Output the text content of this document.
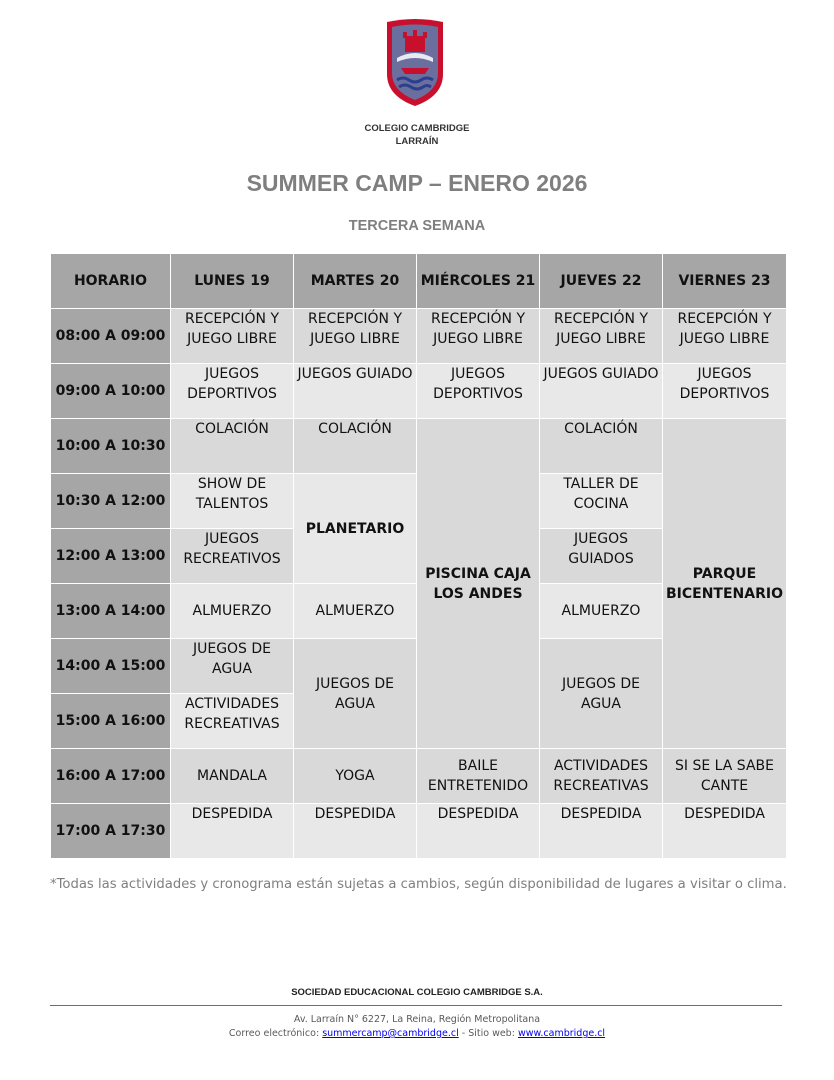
COLEGIO CAMBRIDGE
LARRAÍN
SUMMER CAMP – ENERO 2026
TERCERA SEMANA
HORARIO	LUNES 19	MARTES 20	MIÉRCOLES 21	JUEVES 22	VIERNES 23
08:00 A 09:00	RECEPCIÓN Y JUEGO LIBRE	RECEPCIÓN Y JUEGO LIBRE	RECEPCIÓN Y JUEGO LIBRE	RECEPCIÓN Y JUEGO LIBRE	RECEPCIÓN Y JUEGO LIBRE
09:00 A 10:00	JUEGOS DEPORTIVOS	JUEGOS GUIADO	JUEGOS DEPORTIVOS	JUEGOS GUIADO	JUEGOS DEPORTIVOS
10:00 A 10:30	COLACIÓN	COLACIÓN	PISCINA CAJA LOS ANDES	COLACIÓN	PARQUE BICENTENARIO
10:30 A 12:00	SHOW DE TALENTOS	PLANETARIO		TALLER DE COCINA	
12:00 A 13:00	JUEGOS RECREATIVOS			JUEGOS GUIADOS	
13:00 A 14:00	ALMUERZO	ALMUERZO		ALMUERZO	
14:00 A 15:00	JUEGOS DE AGUA	JUEGOS DE AGUA		JUEGOS DE AGUA	
15:00 A 16:00	ACTIVIDADES RECREATIVAS				
16:00 A 17:00	MANDALA	YOGA	BAILE ENTRETENIDO	ACTIVIDADES RECREATIVAS	SI SE LA SABE CANTE
17:00 A 17:30	DESPEDIDA	DESPEDIDA	DESPEDIDA	DESPEDIDA	DESPEDIDA
*Todas las actividades y cronograma están sujetas a cambios, según disponibilidad de lugares a visitar o clima.
SOCIEDAD EDUCACIONAL COLEGIO CAMBRIDGE S.A.
Av. Larraín N° 6227, La Reina, Región Metropolitana
Correo electrónico: summercamp@cambridge.cl - Sitio web: www.cambridge.cl
